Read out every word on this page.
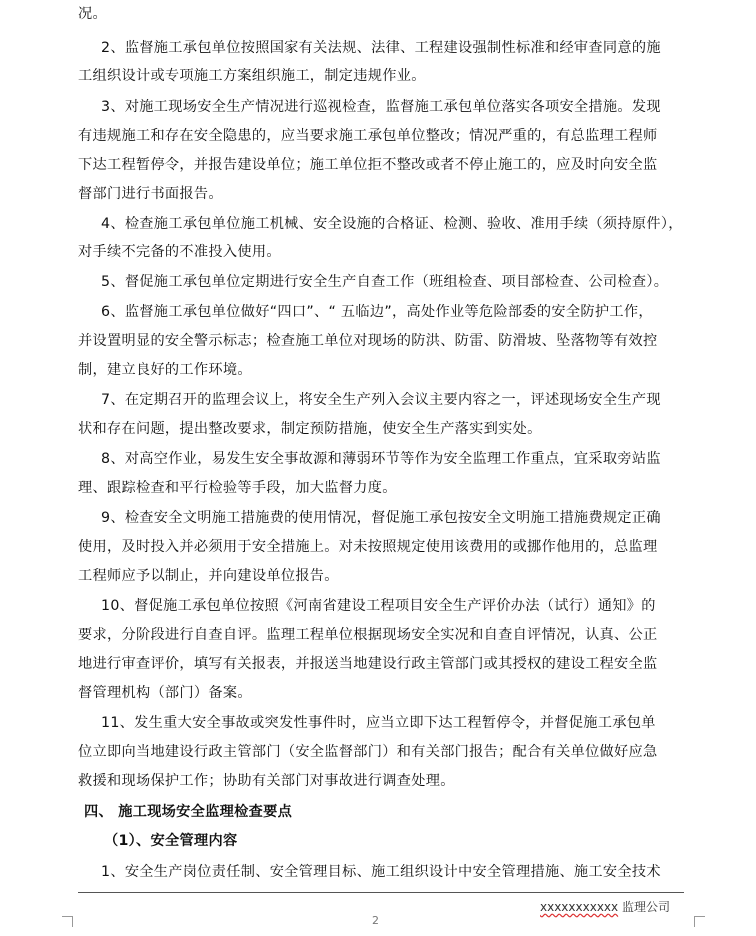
况。
2、监督施工承包单位按照国家有关法规、法律、工程建设强制性标准和经审查同意的施
工组织设计或专项施工方案组织施工，制定违规作业。
3、对施工现场安全生产情况进行巡视检查，监督施工承包单位落实各项安全措施。发现
有违规施工和存在安全隐患的，应当要求施工承包单位整改；情况严重的，有总监理工程师
下达工程暂停令，并报告建设单位；施工单位拒不整改或者不停止施工的，应及时向安全监
督部门进行书面报告。
4、检查施工承包单位施工机械、安全设施的合格证、检测、验收、准用手续（须持原件），
对手续不完备的不准投入使用。
5、督促施工承包单位定期进行安全生产自查工作（班组检查、项目部检查、公司检查）。
6、监督施工承包单位做好“四口”、“ 五临边”，高处作业等危险部委的安全防护工作，
并设置明显的安全警示标志；检查施工单位对现场的防洪、防雷、防滑坡、坠落物等有效控
制，建立良好的工作环境。
7、在定期召开的监理会议上，将安全生产列入会议主要内容之一，评述现场安全生产现
状和存在问题，提出整改要求，制定预防措施，使安全生产落实到实处。
8、对高空作业，易发生安全事故源和薄弱环节等作为安全监理工作重点，宜采取旁站监
理、跟踪检查和平行检验等手段，加大监督力度。
9、检查安全文明施工措施费的使用情况，督促施工承包按安全文明施工措施费规定正确
使用，及时投入并必须用于安全措施上。对未按照规定使用该费用的或挪作他用的，总监理
工程师应予以制止，并向建设单位报告。
10、督促施工承包单位按照《河南省建设工程项目安全生产评价办法（试行）通知》的
要求，分阶段进行自查自评。监理工程单位根据现场安全实况和自查自评情况，认真、公正
地进行审查评价，填写有关报表，并报送当地建设行政主管部门或其授权的建设工程安全监
督管理机构（部门）备案。
11、发生重大安全事故或突发性事件时，应当立即下达工程暂停令，并督促施工承包单
位立即向当地建设行政主管部门（安全监督部门）和有关部门报告；配合有关单位做好应急
救援和现场保护工作；协助有关部门对事故进行调查处理。
四、 施工现场安全监理检查要点
（1）、安全管理内容
1、安全生产岗位责任制、安全管理目标、施工组织设计中安全管理措施、施工安全技术
xxxxxxxxxxx 监理公司
2
